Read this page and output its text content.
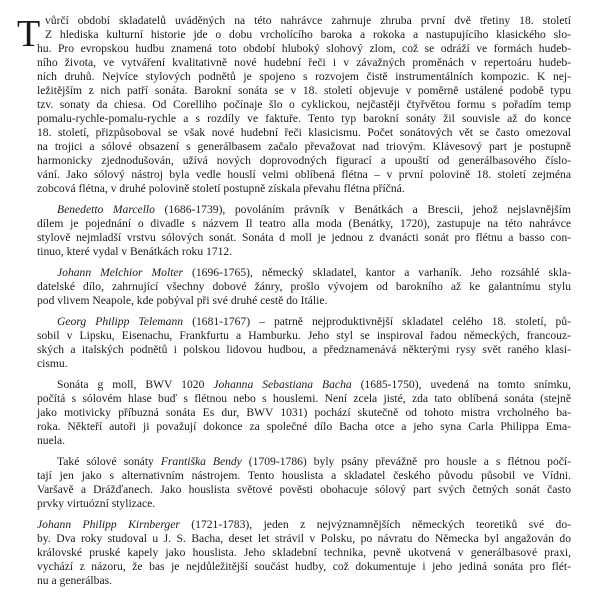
T vůrčí období skladatelů uváděných na této nahrávce zahrnuje zhruba první dvě třetiny 18. století
Z hlediska kulturní historie jde o dobu vrcholícího baroka a rokoka a nastupujícího klasického slo-
hu. Pro evropskou hudbu znamená toto období hluboký slohový zlom, což se odráží ve formách hudeb-
ního života, ve vytváření kvalitativně nové hudební řeči i v závažných proměnách v repertoáru hudeb-
ních druhů. Nejvíce stylových podnětů je spojeno s rozvojem čistě instrumentálních kompozic. K nej-
ležitějším z nich patří sonáta. Barokní sonáta se v 18. století objevuje v poměrně ustálené podobě typu
tzv. sonaty da chiesa. Od Corelliho počínaje šlo o cyklickou, nejčastěji čtyřvětou formu s pořadím temp
pomalu-rychle-pomalu-rychle a s rozdíly ve faktuře. Tento typ barokní sonáty žil souvisle až do konce
18. století, přizpůsoboval se však nové hudební řeči klasicismu. Počet sonátových vět se často omezoval
na trojici a sólové obsazení s generálbasem začalo převažovat nad triovým. Klávesový part je postupně
harmonicky zjednodušován, užívá nových doprovodných figurací a upouští od generálbasového číslo-
vání. Jako sólový nástroj byla vedle houslí velmi oblíbená flétna – v první polovině 18. století zejména
zobcová flétna, v druhé polovině století postupně získala převahu flétna příčná.
Benedetto Marcello (1686-1739), povoláním právník v Benátkách a Brescii, jehož nejslavnějším
dílem je pojednání o divadle s názvem Il teatro alla moda (Benátky, 1720), zastupuje na této nahrávce
stylově nejmladší vrstvu sólových sonát. Sonáta d moll je jednou z dvanácti sonát pro flétnu a basso con-
tinuo, které vydal v Benátkách roku 1712.
Johann Melchior Molter (1696-1765), německý skladatel, kantor a varhaník. Jeho rozsáhlé skla-
datelské dílo, zahrnující všechny dobové žánry, prošlo vývojem od barokního až ke galantnímu stylu
pod vlivem Neapole, kde pobýval při své druhé cestě do Itálie.
Georg Philipp Telemann (1681-1767) – patrně nejproduktivnější skladatel celého 18. století, pů-
sobil v Lipsku, Eisenachu, Frankfurtu a Hamburku. Jeho styl se inspiroval řadou německých, francouz-
ských a italských podnětů i polskou lidovou hudbou, a předznamenává některými rysy svět raného klasi-
cismu.
Sonáta g moll, BWV 1020 Johanna Sebastiana Bacha (1685-1750), uvedená na tomto snímku,
počítá s sólovém hlase buď s flétnou nebo s houslemi. Není zcela jisté, zda tato oblíbená sonáta (stejně
jako motivicky příbuzná sonáta Es dur, BWV 1031) pochází skutečně od tohoto mistra vrcholného ba-
roka. Někteří autoři ji považují dokonce za společné dílo Bacha otce a jeho syna Carla Philippa Ema-
nuela.
Také sólové sonáty Františka Bendy (1709-1786) byly psány převážně pro housle a s flétnou počí-
tají jen jako s alternativním nástrojem. Tento houslista a skladatel českého původu působil ve Vídni.
Varšavě a Drážďanech. Jako houslista světové pověsti obohacuje sólový part svých četných sonát často
prvky virtuózní stylizace.
Johann Philipp Kirnberger (1721-1783), jeden z nejvýznamnějších německých teoretiků své do-
by. Dva roky studoval u J. S. Bacha, deset let strávil v Polsku, po návratu do Německa byl angažován do
královské pruské kapely jako houslista. Jeho skladební technika, pevně ukotvená v generálbasové praxi,
vychází z názoru, že bas je nejdůležitější součást hudby, což dokumentuje i jeho jediná sonáta pro flét-
nu a generálbas.
